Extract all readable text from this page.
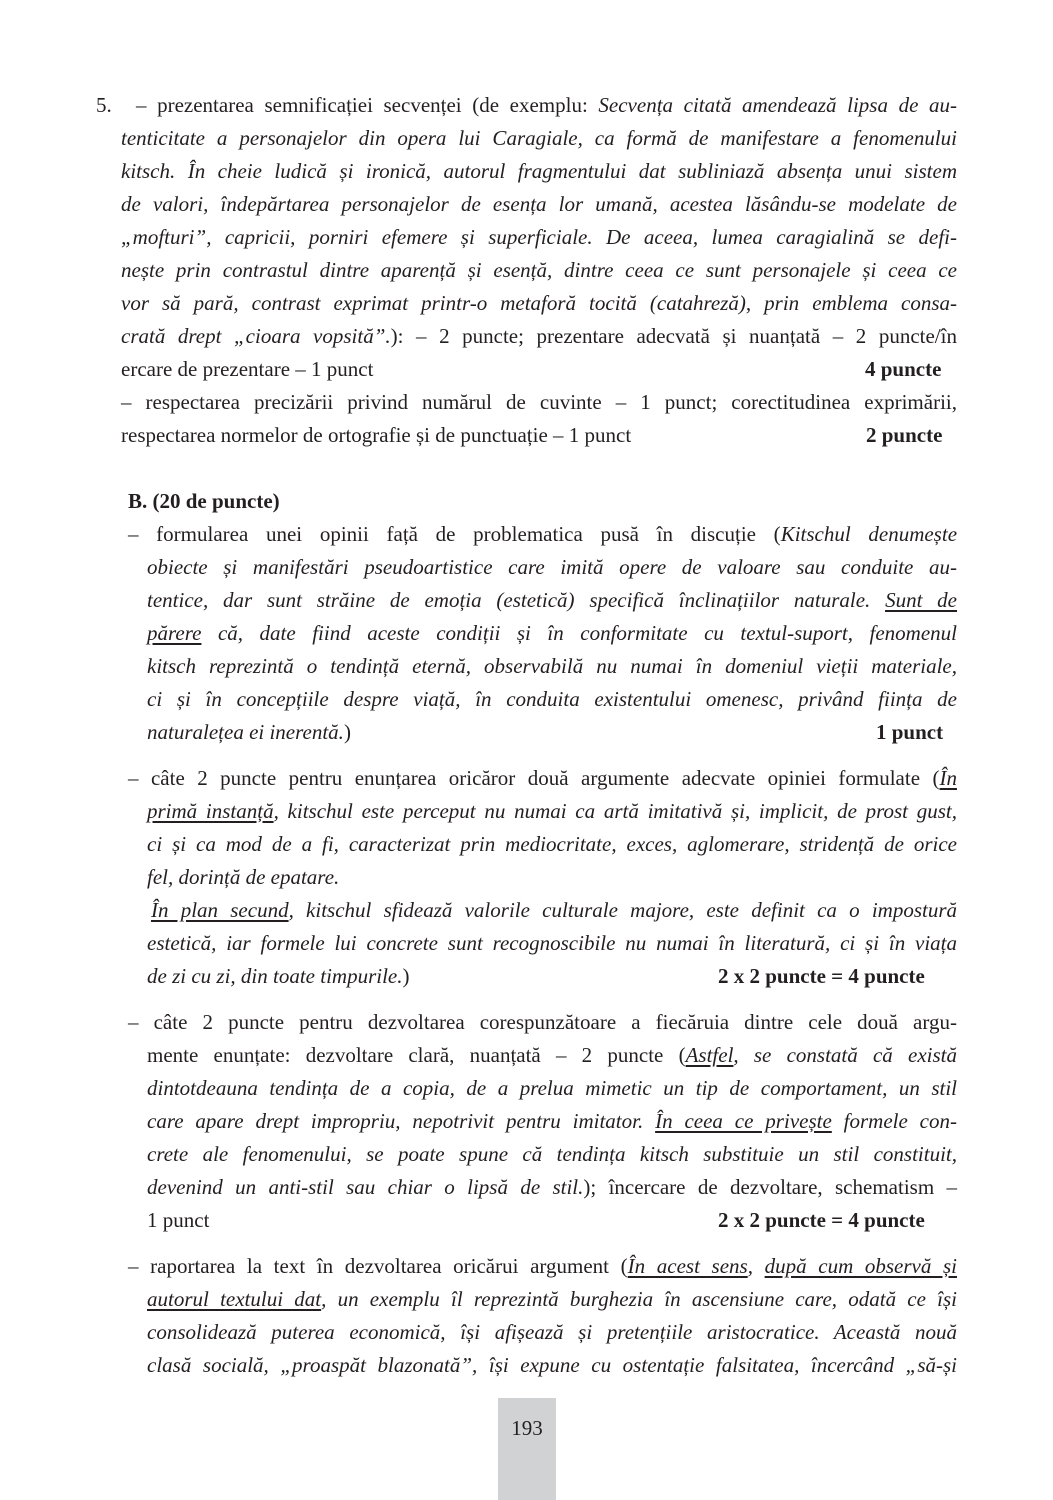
5. – prezentarea semnificației secvenței (de exemplu: Secvența citată amendează lipsa de au-
tenticitate a personajelor din opera lui Caragiale, ca formă de manifestare a fenomenului
kitsch. În cheie ludică și ironică, autorul fragmentului dat subliniază absența unui sistem
de valori, îndepărtarea personajelor de esența lor umană, acestea lăsându-se modelate de
„mofturi”, capricii, porniri efemere și superficiale. De aceea, lumea caragialină se defi-
nește prin contrastul dintre aparență și esență, dintre ceea ce sunt personajele și ceea ce
vor să pară, contrast exprimat printr-o metaforă tocită (catahreză), prin emblema consa-
crată drept „cioara vopsită”.): – 2 puncte; prezentare adecvată și nuanțată – 2 puncte/în
ercare de prezentare – 1 punct	4 puncte
– respectarea precizării privind numărul de cuvinte – 1 punct; corectitudinea exprimării,
respectarea normelor de ortografie și de punctuație – 1 punct	2 puncte
B. (20 de puncte)
– formularea unei opinii față de problematica pusă în discuție (Kitschul denumește
obiecte și manifestări pseudoartistice care imită opere de valoare sau conduite au-
tentice, dar sunt străine de emoția (estetică) specifică înclinațiilor naturale. Sunt de
părere că, date fiind aceste condiții și în conformitate cu textul-suport, fenomenul
kitsch reprezintă o tendință eternă, observabilă nu numai în domeniul vieții materiale,
ci și în concepțiile despre viață, în conduita existentului omenesc, privând ființa de
naturalețea ei inerentă.)	1 punct
– câte 2 puncte pentru enunțarea oricăror două argumente adecvate opiniei formulate (În
primă instanță, kitschul este perceput nu numai ca artă imitativă și, implicit, de prost gust,
ci și ca mod de a fi, caracterizat prin mediocritate, exces, aglomerare, stridență de orice
fel, dorință de epatare.
În plan secund, kitschul sfidează valorile culturale majore, este definit ca o impostură
estetică, iar formele lui concrete sunt recognoscibile nu numai în literatură, ci și în viața
de zi cu zi, din toate timpurile.)	2 x 2 puncte = 4 puncte
– câte 2 puncte pentru dezvoltarea corespunzătoare a fiecăruia dintre cele două argu-
mente enunțate: dezvoltare clară, nuanțată – 2 puncte (Astfel, se constată că există
dintotdeauna tendința de a copia, de a prelua mimetic un tip de comportament, un stil
care apare drept impropriu, nepotrivit pentru imitator. În ceea ce privește formele con-
crete ale fenomenului, se poate spune că tendința kitsch substituie un stil constituit,
devenind un anti-stil sau chiar o lipsă de stil.); încercare de dezvoltare, schematism –
1 punct	2 x 2 puncte = 4 puncte
– raportarea la text în dezvoltarea oricărui argument (În acest sens, după cum observă și
autorul textului dat, un exemplu îl reprezintă burghezia în ascensiune care, odată ce își
consolidează puterea economică, își afișează și pretențiile aristocratice. Această nouă
clasă socială, „proaspăt blazonată”, își expune cu ostentație falsitatea, încercând „să-și
193
